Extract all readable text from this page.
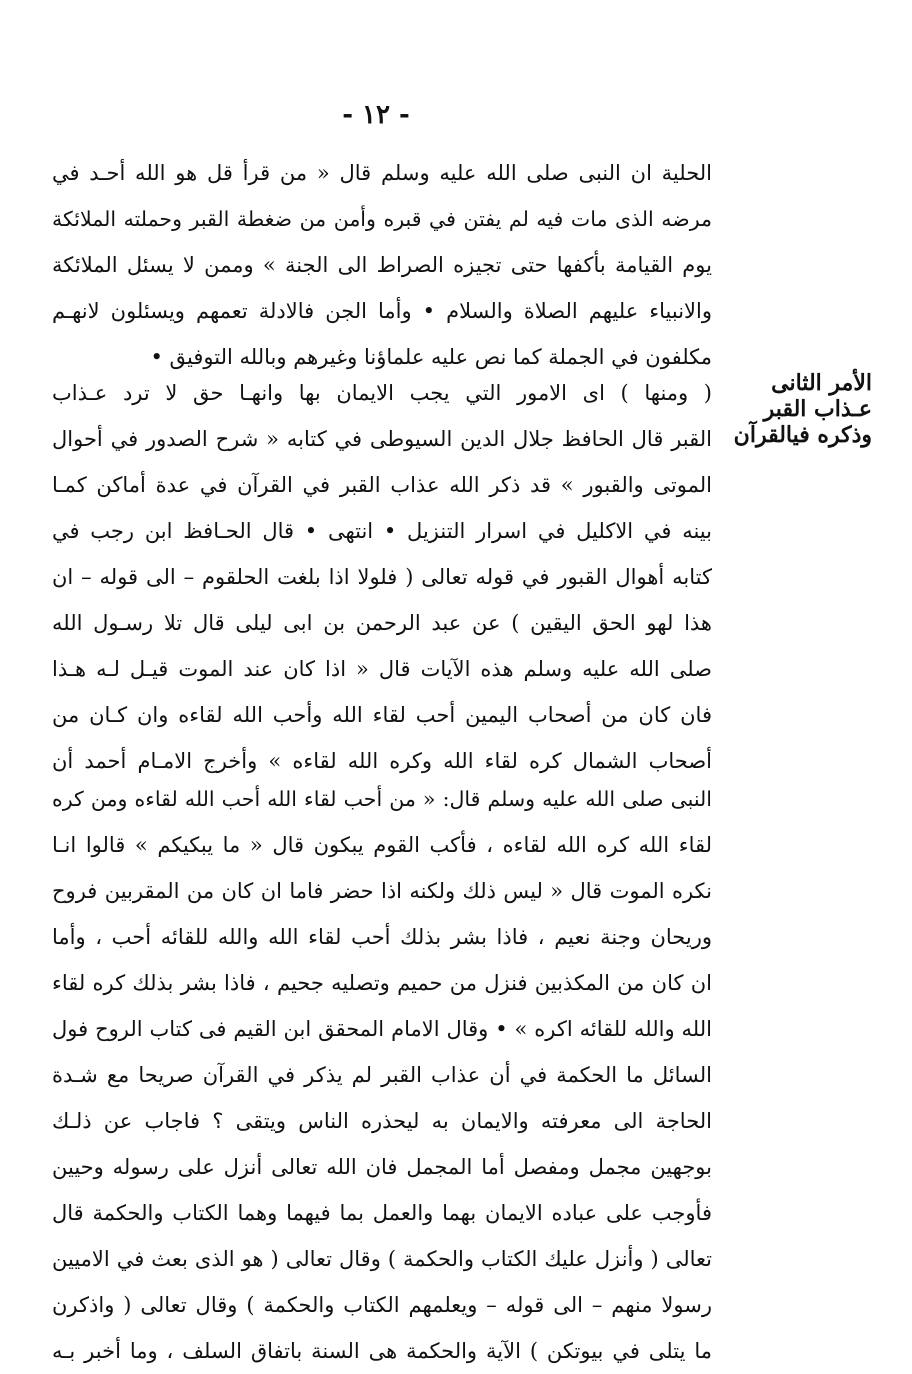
- ١٢ -
الأمر الثانى
عـذاب القبر
وذكره فيالقرآن
الحلية ان النبى صلى الله عليه وسلم قال « من قرأ قل هو الله أحـد في
مرضه الذى مات فيه لم يفتن في قبره وأمن من ضغطة القبر وحملته الملائكة
يوم القيامة بأكفها حتى تجيزه الصراط الى الجنة » وممن لا يسئل الملائكة
والانبياء عليهم الصلاة والسلام • وأما الجن فالادلة تعمهم ويسئلون لانهـم
مكلفون في الجملة كما نص عليه علماؤنا وغيرهم وبالله التوفيق •
( ومنها ) اى الامور التي يجب الايمان بها وانهـا حق لا ترد عـذاب
القبر قال الحافظ جلال الدين السيوطى في كتابه « شرح الصدور في أحوال
الموتى والقبور » قد ذكر الله عذاب القبر في القرآن في عدة أماكن كمـا
بينه في الاكليل في اسرار التنزيل • انتهى • قال الحـافظ ابن رجب في
كتابه أهوال القبور في قوله تعالى ( فلولا اذا بلغت الحلقوم – الى قوله – ان
هذا لهو الحق اليقين ) عن عبد الرحمن بن ابى ليلى قال تلا رسـول الله
صلى الله عليه وسلم هذه الآيات قال « اذا كان عند الموت قيـل لـه هـذا
فان كان من أصحاب اليمين أحب لقاء الله وأحب الله لقاءه وان كـان من
أصحاب الشمال كره لقاء الله وكره الله لقاءه » وأخرج الامـام أحمد أن
النبى صلى الله عليه وسلم قال: « من أحب لقاء الله أحب الله لقاءه ومن كره
لقاء الله كره الله لقاءه ، فأكب القوم يبكون قال « ما يبكيكم » قالوا انـا
نكره الموت قال « ليس ذلك ولكنه اذا حضر فاما ان كان من المقربين فروح
وريحان وجنة نعيم ، فاذا بشر بذلك أحب لقاء الله والله للقائه أحب ، وأما
ان كان من المكذبين فنزل من حميم وتصليه جحيم ، فاذا بشر بذلك كره لقاء
الله والله للقائه اكره » • وقال الامام المحقق ابن القيم فى كتاب الروح فول
السائل ما الحكمة في أن عذاب القبر لم يذكر في القرآن صريحا مع شـدة
الحاجة الى معرفته والايمان به ليحذره الناس ويتقى ؟ فاجاب عن ذلـك
بوجهين مجمل ومفصل أما المجمل فان الله تعالى أنزل على رسوله وحيين
فأوجب على عباده الايمان بهما والعمل بما فيهما وهما الكتاب والحكمة قال
تعالى ( وأنزل عليك الكتاب والحكمة ) وقال تعالى ( هو الذى بعث في الاميين
رسولا منهم – الى قوله – ويعلمهم الكتاب والحكمة ) وقال تعالى ( واذكرن
ما يتلى في بيوتكن ) الآية والحكمة هى السنة باتفاق السلف ، وما أخبر بـه
